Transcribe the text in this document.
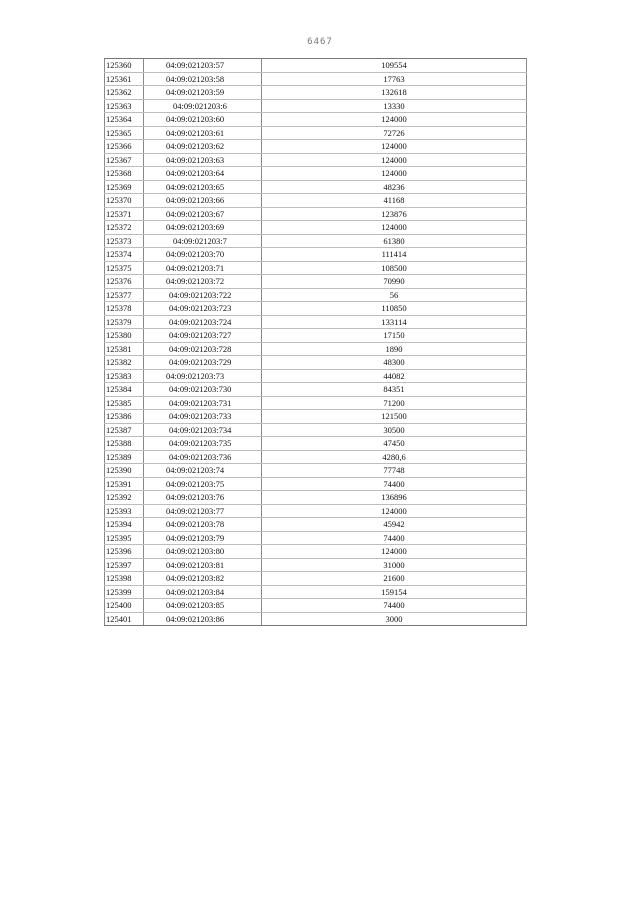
6467
125360	04:09:021203:57	109554
125361	04:09:021203:58	17763
125362	04:09:021203:59	132618
125363	04:09:021203:6	13330
125364	04:09:021203:60	124000
125365	04:09:021203:61	72726
125366	04:09:021203:62	124000
125367	04:09:021203:63	124000
125368	04:09:021203:64	124000
125369	04:09:021203:65	48236
125370	04:09:021203:66	41168
125371	04:09:021203:67	123876
125372	04:09:021203:69	124000
125373	04:09:021203:7	61380
125374	04:09:021203:70	111414
125375	04:09:021203:71	108500
125376	04:09:021203:72	70990
125377	04:09:021203:722	56
125378	04:09:021203:723	110850
125379	04:09:021203:724	133114
125380	04:09:021203:727	17150
125381	04:09:021203:728	1890
125382	04:09:021203:729	48300
125383	04:09:021203:73	44082
125384	04:09:021203:730	84351
125385	04:09:021203:731	71200
125386	04:09:021203:733	121500
125387	04:09:021203:734	30500
125388	04:09:021203:735	47450
125389	04:09:021203:736	4280,6
125390	04:09:021203:74	77748
125391	04:09:021203:75	74400
125392	04:09:021203:76	136896
125393	04:09:021203:77	124000
125394	04:09:021203:78	45942
125395	04:09:021203:79	74400
125396	04:09:021203:80	124000
125397	04:09:021203:81	31000
125398	04:09:021203:82	21600
125399	04:09:021203:84	159154
125400	04:09:021203:85	74400
125401	04:09:021203:86	3000
